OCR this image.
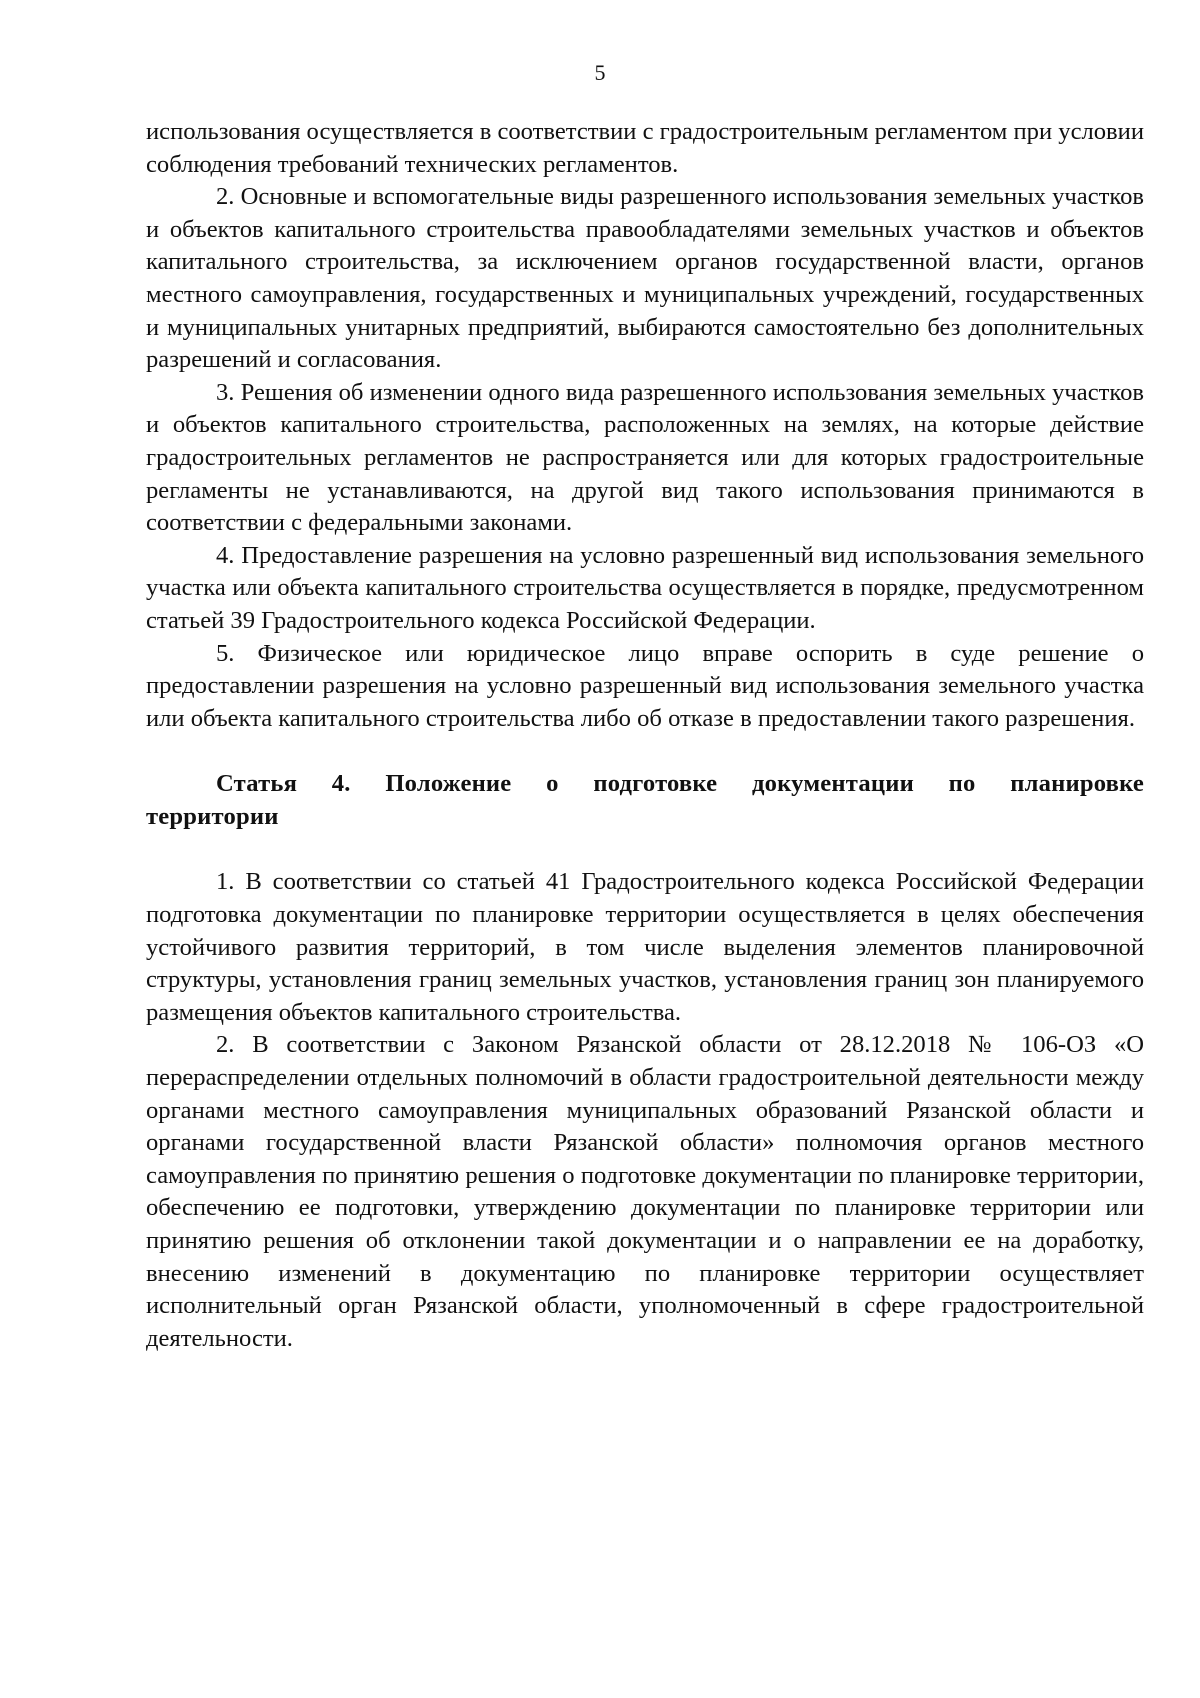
5

использования осуществляется в соответствии с градостроительным регламентом при условии соблюдения требований технических регламентов.

2. Основные и вспомогательные виды разрешенного использования земельных участков и объектов капитального строительства правообладателями земельных участков и объектов капитального строительства, за исключением органов государственной власти, органов местного самоуправления, государственных и муниципальных учреждений, государственных и муниципальных унитарных предприятий, выбираются самостоятельно без дополнительных разрешений и согласования.

3. Решения об изменении одного вида разрешенного использования земельных участков и объектов капитального строительства, расположенных на землях, на которые действие градостроительных регламентов не распространяется или для которых градостроительные регламенты не устанавливаются, на другой вид такого использования принимаются в соответствии с федеральными законами.

4. Предоставление разрешения на условно разрешенный вид использования земельного участка или объекта капитального строительства осуществляется в порядке, предусмотренном статьей 39 Градостроительного кодекса Российской Федерации.

5. Физическое или юридическое лицо вправе оспорить в суде решение о предоставлении разрешения на условно разрешенный вид использования земельного участка или объекта капитального строительства либо об отказе в предоставлении такого разрешения.

Статья 4. Положение о подготовке документации по планировке территории

1. В соответствии со статьей 41 Градостроительного кодекса Российской Федерации подготовка документации по планировке территории осуществляется в целях обеспечения устойчивого развития территорий, в том числе выделения элементов планировочной структуры, установления границ земельных участков, установления границ зон планируемого размещения объектов капитального строительства.

2. В соответствии с Законом Рязанской области от 28.12.2018 № 106-ОЗ «О перераспределении отдельных полномочий в области градостроительной деятельности между органами местного самоуправления муниципальных образований Рязанской области и органами государственной власти Рязанской области» полномочия органов местного самоуправления по принятию решения о подготовке документации по планировке территории, обеспечению ее подготовки, утверждению документации по планировке территории или принятию решения об отклонении такой документации и о направлении ее на доработку, внесению изменений в документацию по планировке территории осуществляет исполнительный орган Рязанской области, уполномоченный в сфере градостроительной деятельности.
